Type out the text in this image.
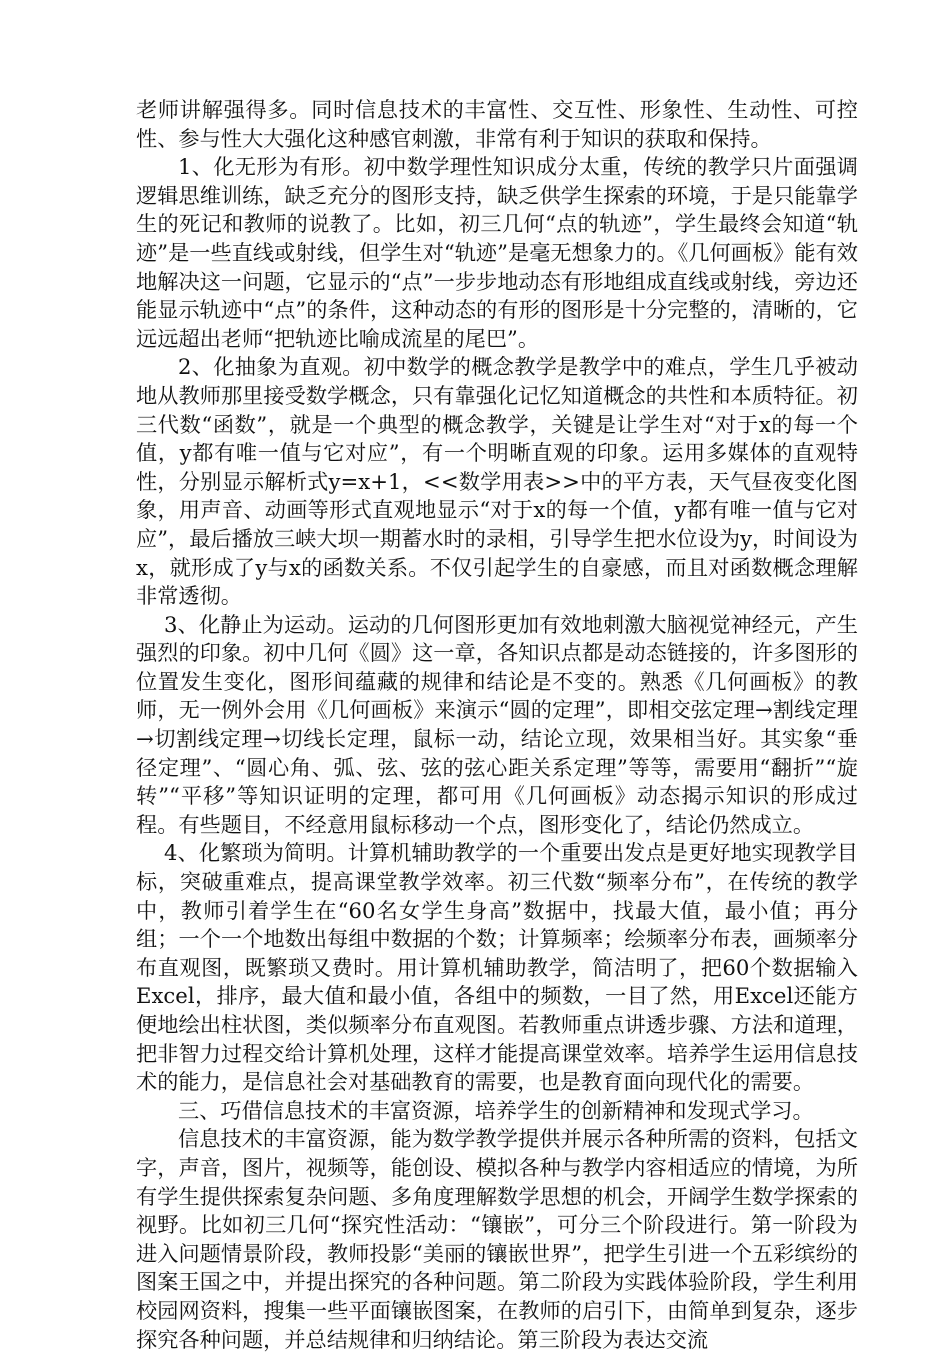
老师讲解强得多。同时信息技术的丰富性、交互性、形象性、生动性、可控性、参与性大大强化这种感官刺激，非常有利于知识的获取和保持。

1、化无形为有形。初中数学理性知识成分太重，传统的教学只片面强调逻辑思维训练，缺乏充分的图形支持，缺乏供学生探索的环境，于是只能靠学生的死记和教师的说教了。比如，初三几何“点的轨迹”，学生最终会知道“轨迹”是一些直线或射线，但学生对“轨迹”是毫无想象力的。《几何画板》能有效地解决这一问题，它显示的“点”一步步地动态有形地组成直线或射线，旁边还能显示轨迹中“点”的条件，这种动态的有形的图形是十分完整的，清晰的，它远远超出老师“把轨迹比喻成流星的尾巴”。

2、化抽象为直观。初中数学的概念教学是教学中的难点，学生几乎被动地从教师那里接受数学概念，只有靠强化记忆知道概念的共性和本质特征。初三代数“函数”，就是一个典型的概念教学，关键是让学生对“对于x的每一个值，y都有唯一值与它对应”，有一个明晰直观的印象。运用多媒体的直观特性，分别显示解析式y=x+1，<<数学用表>>中的平方表，天气昼夜变化图象，用声音、动画等形式直观地显示“对于x的每一个值，y都有唯一值与它对应”，最后播放三峡大坝一期蓄水时的录相，引导学生把水位设为y，时间设为x，就形成了y与x的函数关系。不仅引起学生的自豪感，而且对函数概念理解非常透彻。

3、化静止为运动。运动的几何图形更加有效地刺激大脑视觉神经元，产生强烈的印象。初中几何《圆》这一章，各知识点都是动态链接的，许多图形的位置发生变化，图形间蕴藏的规律和结论是不变的。熟悉《几何画板》的教师，无一例外会用《几何画板》来演示“圆的定理”，即相交弦定理→割线定理→切割线定理→切线长定理，鼠标一动，结论立现，效果相当好。其实象“垂径定理”、“圆心角、弧、弦、弦的弦心距关系定理”等等，需要用“翻折”“旋转”“平移”等知识证明的定理，都可用《几何画板》动态揭示知识的形成过程。有些题目，不经意用鼠标移动一个点，图形变化了，结论仍然成立。

4、化繁琐为简明。计算机辅助教学的一个重要出发点是更好地实现教学目标，突破重难点，提高课堂教学效率。初三代数“频率分布”，在传统的教学中，教师引着学生在“60名女学生身高”数据中，找最大值，最小值；再分组；一个一个地数出每组中数据的个数；计算频率；绘频率分布表，画频率分布直观图，既繁琐又费时。用计算机辅助教学，简洁明了，把60个数据输入Excel，排序，最大值和最小值，各组中的频数，一目了然，用Excel还能方便地绘出柱状图，类似频率分布直观图。若教师重点讲透步骤、方法和道理，把非智力过程交给计算机处理，这样才能提高课堂效率。培养学生运用信息技术的能力，是信息社会对基础教育的需要，也是教育面向现代化的需要。

三、巧借信息技术的丰富资源，培养学生的创新精神和发现式学习。

信息技术的丰富资源，能为数学教学提供并展示各种所需的资料，包括文字，声音，图片，视频等，能创设、模拟各种与教学内容相适应的情境，为所有学生提供探索复杂问题、多角度理解数学思想的机会，开阔学生数学探索的视野。比如初三几何“探究性活动：“镶嵌”，可分三个阶段进行。第一阶段为进入问题情景阶段，教师投影“美丽的镶嵌世界”，把学生引进一个五彩缤纷的图案王国之中，并提出探究的各种问题。第二阶段为实践体验阶段，学生利用校园网资料，搜集一些平面镶嵌图案，在教师的启引下，由简单到复杂，逐步探究各种问题，并总结规律和归纳结论。第三阶段为表达交流
